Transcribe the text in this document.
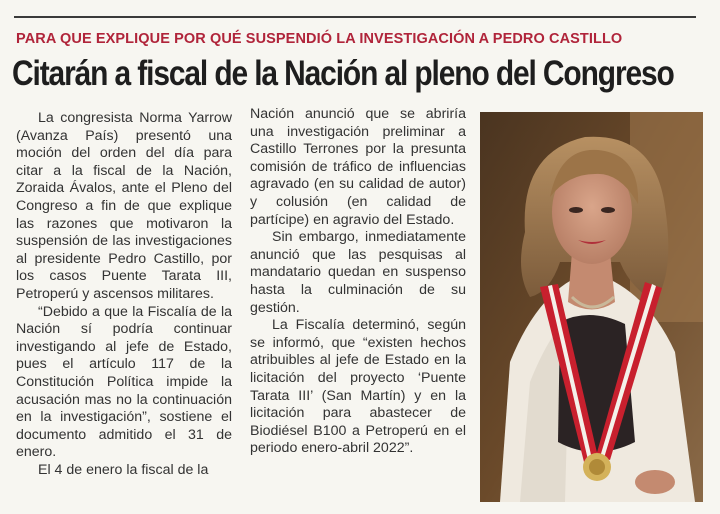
PARA QUE EXPLIQUE POR QUÉ SUSPENDIÓ LA INVESTIGACIÓN A PEDRO CASTILLO
Citarán a fiscal de la Nación al pleno del Congreso

La congresista Norma Yarrow (Avanza País) presentó una moción del orden del día para citar a la fiscal de la Nación, Zoraida Ávalos, ante el Pleno del Congreso a fin de que explique las razones que motivaron la suspensión de las investigaciones al presidente Pedro Castillo, por los casos Puente Tarata III, Petroperú y ascensos militares.

“Debido a que la Fiscalía de la Nación sí podría continuar investigando al jefe de Estado, pues el artículo 117 de la Constitución Política impide la acusación mas no la continuación en la investigación”, sostiene el documento admitido el 31 de enero.

El 4 de enero la fiscal de la

Nación anunció que se abriría una investigación preliminar a Castillo Terrones por la presunta comisión de tráfico de influencias agravado (en su calidad de autor) y colusión (en calidad de partícipe) en agravio del Estado.

Sin embargo, inmediatamente anunció que las pesquisas al mandatario quedan en suspenso hasta la culminación de su gestión.

La Fiscalía determinó, según se informó, que “existen hechos atribuibles al jefe de Estado en la licitación del proyecto ‘Puente Tarata III’ (San Martín) y en la licitación para abastecer de Biodiésel B100 a Petroperú en el periodo enero-abril 2022”.
